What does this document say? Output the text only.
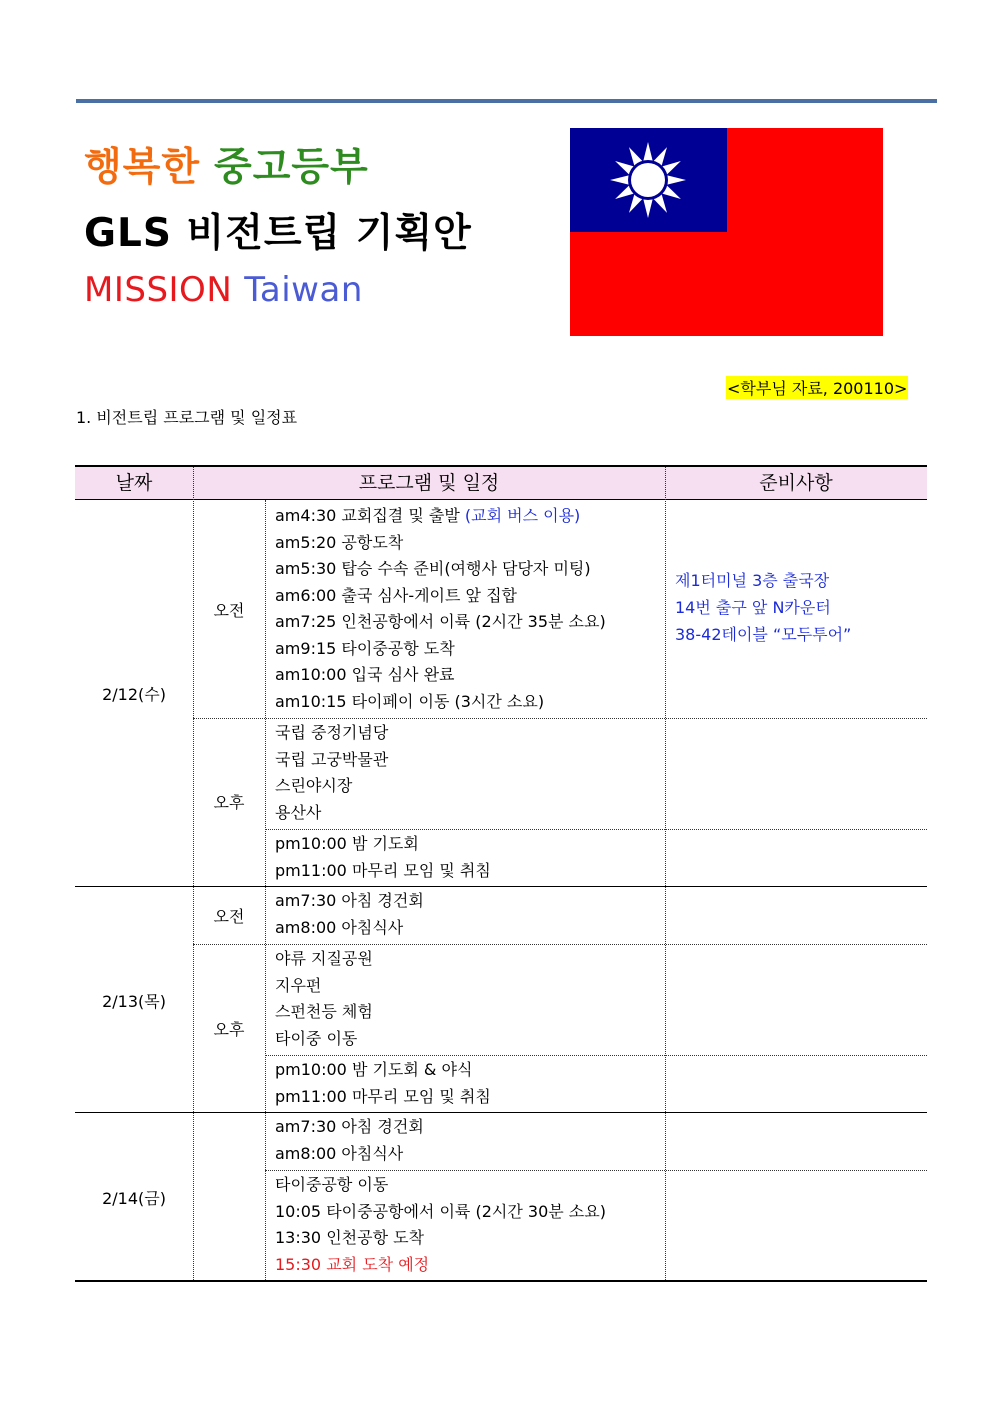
행복한 중고등부
GLS 비전트립 기획안
MISSION Taiwan
<학부님 자료, 200110>
1. 비전트립 프로그램 및 일정표
날짜	프로그램 및 일정	준비사항
2/12(수)
오전
am4:30 교회집결 및 출발 (교회 버스 이용)
am5:20 공항도착
am5:30 탑승 수속 준비(여행사 담당자 미팅)
am6:00 출국 심사-게이트 앞 집합
am7:25 인천공항에서 이륙 (2시간 35분 소요)
am9:15 타이중공항 도착
am10:00 입국 심사 완료
am10:15 타이페이 이동 (3시간 소요)
제1터미널 3층 출국장
14번 출구 앞 N카운터
38-42테이블 “모두투어”
오후
국립 중정기념당
국립 고궁박물관
스린야시장
용산사
pm10:00 밤 기도회
pm11:00 마무리 모임 및 취침
2/13(목)
오전
am7:30 아침 경건회
am8:00 아침식사
오후
야류 지질공원
지우펀
스펀천등 체험
타이중 이동
pm10:00 밤 기도회 & 야식
pm11:00 마무리 모임 및 취침
2/14(금)
am7:30 아침 경건회
am8:00 아침식사
타이중공항 이동
10:05 타이중공항에서 이륙 (2시간 30분 소요)
13:30 인천공항 도착
15:30 교회 도착 예정
